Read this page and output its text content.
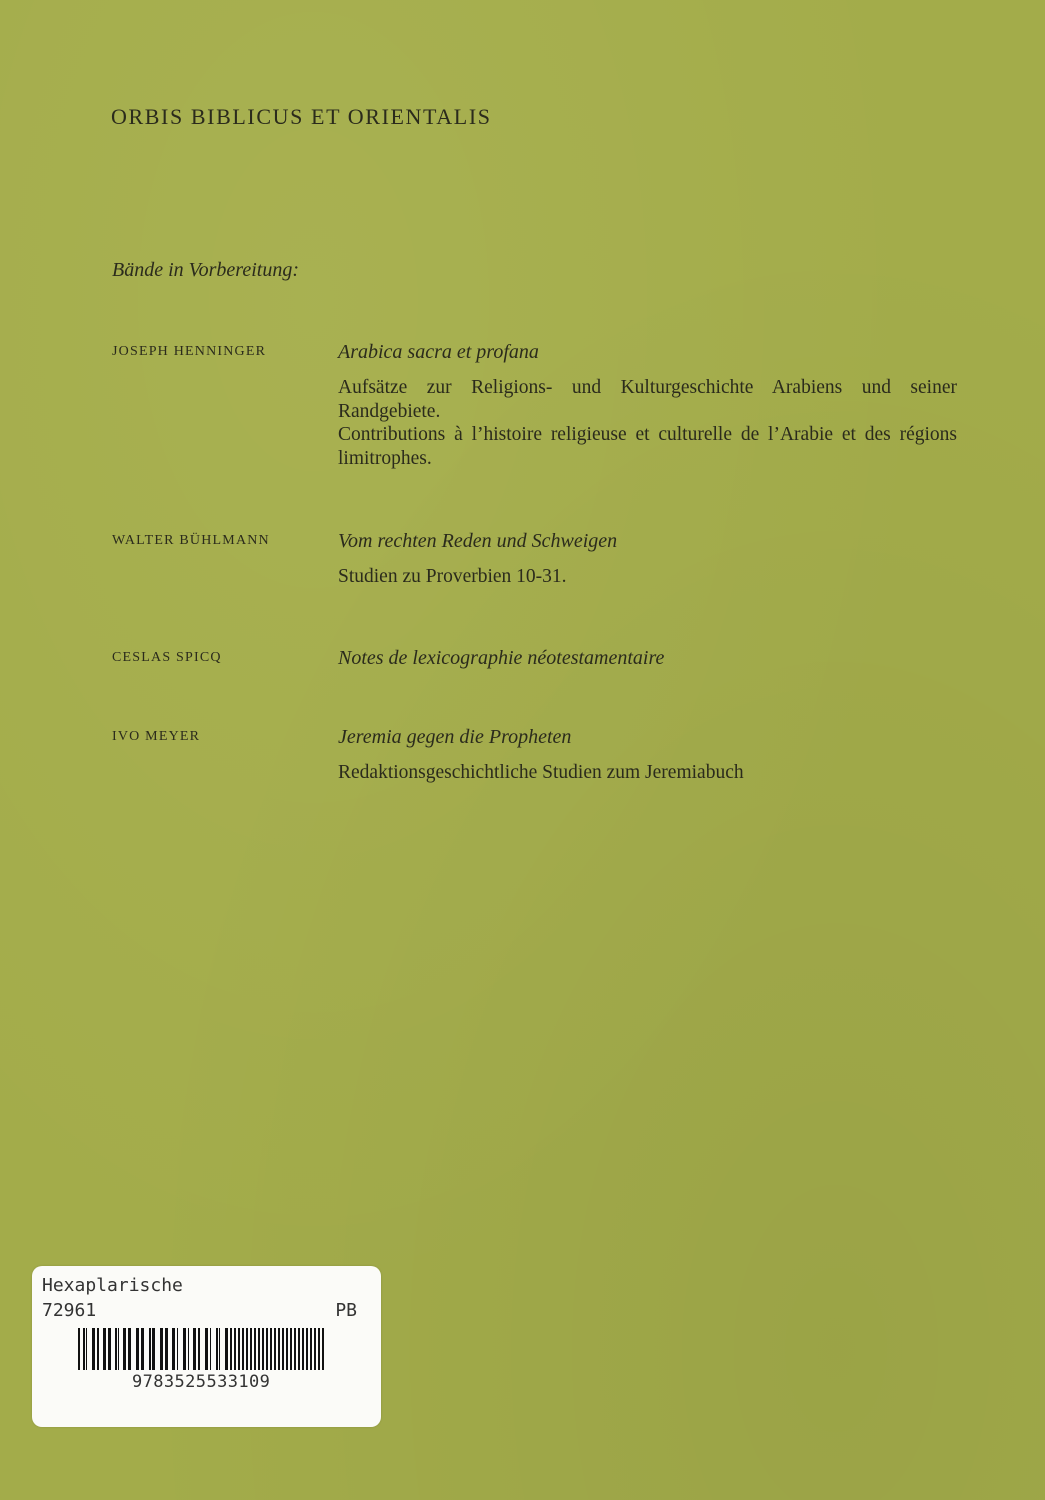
ORBIS BIBLICUS ET ORIENTALIS
Bände in Vorbereitung:
JOSEPH HENNINGER	Arabica sacra et profana
Aufsätze zur Religions- und Kulturgeschichte Arabiens und seiner Randgebiete.
Contributions à l’histoire religieuse et culturelle de l’Arabie et des régions limitrophes.
WALTER BÜHLMANN	Vom rechten Reden und Schweigen
Studien zu Proverbien 10-31.
CESLAS SPICQ	Notes de lexicographie néotestamentaire
IVO MEYER	Jeremia gegen die Propheten
Redaktionsgeschichtliche Studien zum Jeremiabuch
Hexaplarische
72961	PB
9783525533109
